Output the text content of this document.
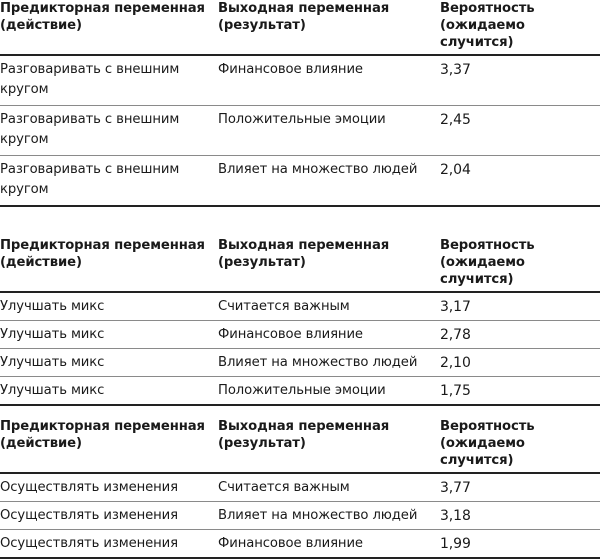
Предикторная переменная (действие)	Выходная переменная (результат)	Вероятность (ожидаемо случится)
Разговаривать с внешним кругом	Финансовое влияние	3,37
Разговаривать с внешним кругом	Положительные эмоции	2,45
Разговаривать с внешним кругом	Влияет на множество людей	2,04
Предикторная переменная (действие)	Выходная переменная (результат)	Вероятность (ожидаемо случится)
Улучшать микс	Считается важным	3,17
Улучшать микс	Финансовое влияние	2,78
Улучшать микс	Влияет на множество людей	2,10
Улучшать микс	Положительные эмоции	1,75
Предикторная переменная (действие)	Выходная переменная (результат)	Вероятность (ожидаемо случится)
Осуществлять изменения	Считается важным	3,77
Осуществлять изменения	Влияет на множество людей	3,18
Осуществлять изменения	Финансовое влияние	1,99
